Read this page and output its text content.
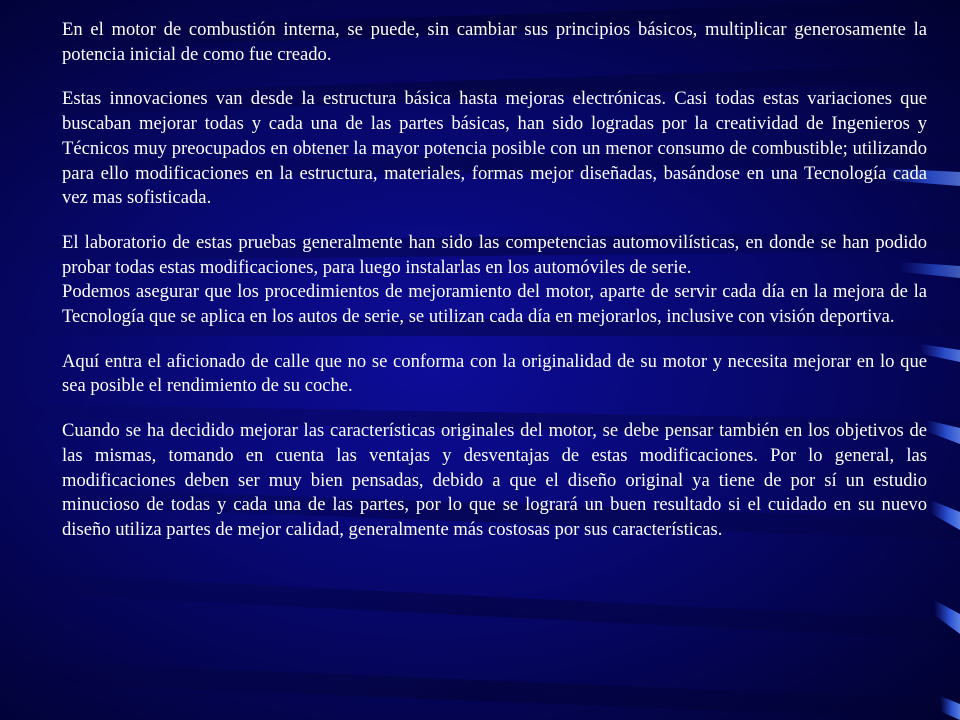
En el motor de combustión interna, se puede, sin cambiar sus principios básicos, multiplicar generosamente la potencia inicial de como fue creado.

Estas innovaciones van desde la estructura básica hasta mejoras electrónicas. Casi todas estas variaciones que buscaban mejorar todas y cada una de las partes básicas, han sido logradas por la creatividad de Ingenieros y Técnicos muy preocupados en obtener la mayor potencia posible con un menor consumo de combustible; utilizando para ello modificaciones en la estructura, materiales, formas mejor diseñadas, basándose en una Tecnología cada vez mas sofisticada.

El laboratorio de estas pruebas generalmente han sido las competencias automovilísticas, en donde se han podido probar todas estas modificaciones, para luego instalarlas en los automóviles de serie.

Podemos asegurar que los procedimientos de mejoramiento del motor, aparte de servir cada día en la mejora de la Tecnología que se aplica en los autos de serie, se utilizan cada día en mejorarlos, inclusive con visión deportiva.

Aquí entra el aficionado de calle que no se conforma con la originalidad de su motor y necesita mejorar en lo que sea posible el rendimiento de su coche.

Cuando se ha decidido mejorar las características originales del motor, se debe pensar también en los objetivos de las mismas, tomando en cuenta las ventajas y desventajas de estas modificaciones. Por lo general, las modificaciones deben ser muy bien pensadas, debido a que el diseño original ya tiene de por sí un estudio minucioso de todas y cada una de las partes, por lo que se logrará un buen resultado si el cuidado en su nuevo diseño utiliza partes de mejor calidad, generalmente más costosas por sus características.
